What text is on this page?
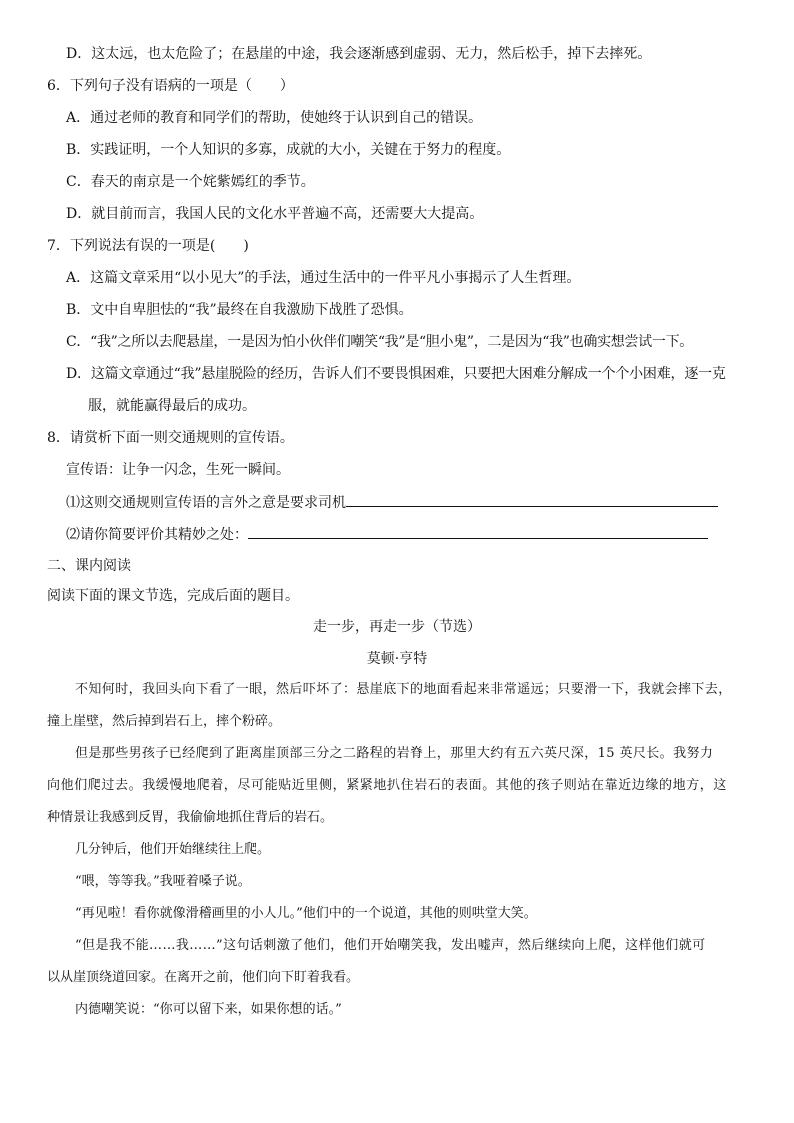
D．这太远，也太危险了；在悬崖的中途，我会逐渐感到虚弱、无力，然后松手，掉下去摔死。
6．下列句子没有语病的一项是（　　）
A．通过老师的教育和同学们的帮助，使她终于认识到自己的错误。
B．实践证明，一个人知识的多寡，成就的大小，关键在于努力的程度。
C．春天的南京是一个姹紫嫣红的季节。
D．就目前而言，我国人民的文化水平普遍不高，还需要大大提高。
7．下列说法有误的一项是(　　)
A．这篇文章采用“以小见大”的手法，通过生活中的一件平凡小事揭示了人生哲理。
B．文中自卑胆怯的“我”最终在自我激励下战胜了恐惧。
C．“我”之所以去爬悬崖，一是因为怕小伙伴们嘲笑“我”是“胆小鬼”，二是因为“我”也确实想尝试一下。
D．这篇文章通过“我”悬崖脱险的经历，告诉人们不要畏惧困难，只要把大困难分解成一个个小困难，逐一克
服，就能赢得最后的成功。
8．请赏析下面一则交通规则的宣传语。
宣传语：让争一闪念，生死一瞬间。
⑴这则交通规则宣传语的言外之意是要求司机
⑵请你简要评价其精妙之处：
二、课内阅读
阅读下面的课文节选，完成后面的题目。
走一步，再走一步（节选）
莫顿·亨特
不知何时，我回头向下看了一眼，然后吓坏了：悬崖底下的地面看起来非常遥远；只要滑一下，我就会摔下去，
撞上崖壁，然后掉到岩石上，摔个粉碎。
但是那些男孩子已经爬到了距离崖顶部三分之二路程的岩脊上，那里大约有五六英尺深，15 英尺长。我努力
向他们爬过去。我缓慢地爬着，尽可能贴近里侧，紧紧地扒住岩石的表面。其他的孩子则站在靠近边缘的地方，这
种情景让我感到反胃，我偷偷地抓住背后的岩石。
几分钟后，他们开始继续往上爬。
“喂，等等我。”我哑着嗓子说。
“再见啦！看你就像滑稽画里的小人儿。”他们中的一个说道，其他的则哄堂大笑。
“但是我不能……我……”这句话刺激了他们，他们开始嘲笑我，发出嘘声，然后继续向上爬，这样他们就可
以从崖顶绕道回家。在离开之前，他们向下盯着我看。
内德嘲笑说：“你可以留下来，如果你想的话。”
